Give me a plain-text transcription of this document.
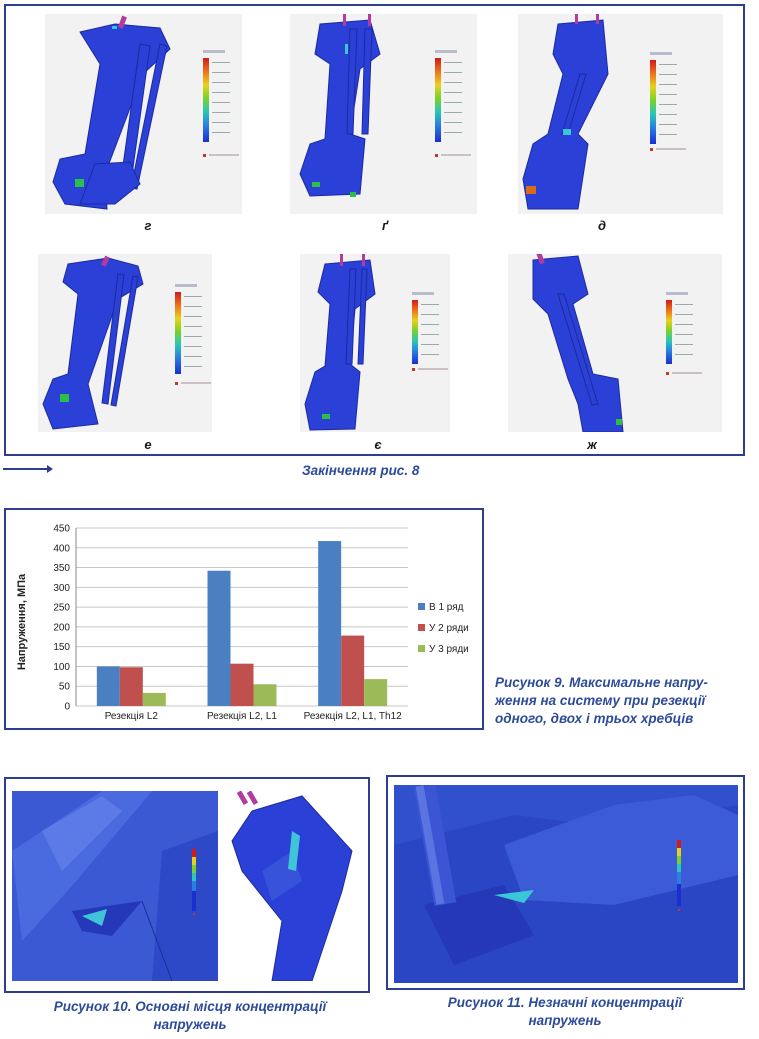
г	ґ	д
е	є	ж
Закінчення рис. 8
0
50
100
150
200
250
300
350
400
450
Резекція L2	Резекція L2, L1	Резекція L2, L1, Th12
Напруження, МПа	В 1 ряд
У 2 ряди
У 3 ряди
Рисунок 9. Максимальне напру-
ження на систему при резекції
одного, двох і трьох хребців
Рисунок 10. Основні місця концентрації
напружень
Рисунок 11. Незначні концентрації
напружень
